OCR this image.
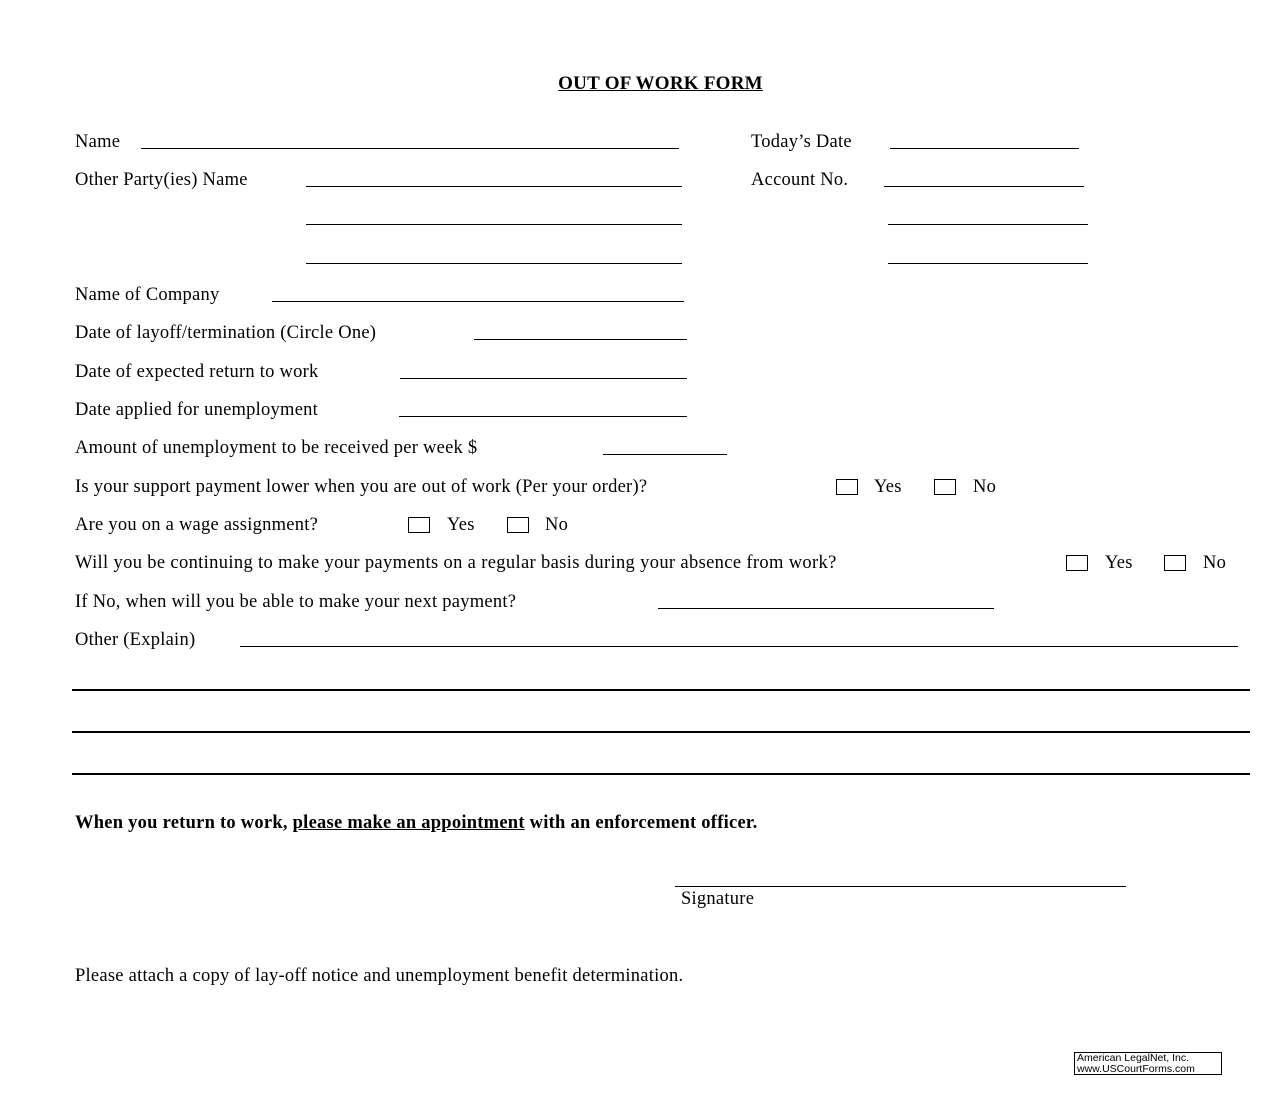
OUT OF WORK FORM
Name	Today’s Date
Other Party(ies) Name	Account No.
Name of Company
Date of layoff/termination (Circle One)
Date of expected return to work
Date applied for unemployment
Amount of unemployment to be received per week $
Is your support payment lower when you are out of work (Per your order)?	Yes	No
Are you on a wage assignment?	Yes	No
Will you be continuing to make your payments on a regular basis during your absence from work?	Yes	No
If No, when will you be able to make your next payment?
Other (Explain)
When you return to work, please make an appointment with an enforcement officer.
Signature
Please attach a copy of lay-off notice and unemployment benefit determination.
American LegalNet, Inc.
www.USCourtForms.com
